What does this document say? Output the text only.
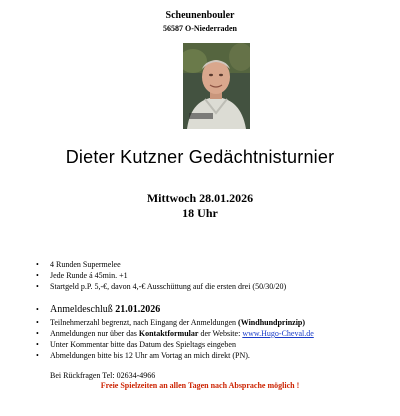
Scheunenbouler
56587 O-Niederraden
Dieter Kutzner Gedächtnisturnier
Mittwoch 28.01.2026
18 Uhr
• 4 Runden Supermelee
• Jede Runde á 45min. +1
• Startgeld p.P. 5,-€, davon 4,-€ Ausschüttung auf die ersten drei (50/30/20)
• Anmeldeschluß 21.01.2026
• Teilnehmerzahl begrenzt, nach Eingang der Anmeldungen (Windhundprinzip)
• Anmeldungen nur über das Kontaktformular der Website: www.Hugo-Cheval.de
• Unter Kommentar bitte das Datum des Spieltags eingeben
• Abmeldungen bitte bis 12 Uhr am Vortag an mich direkt (PN).
Bei Rückfragen Tel: 02634-4966
Freie Spielzeiten an allen Tagen nach Absprache möglich !
